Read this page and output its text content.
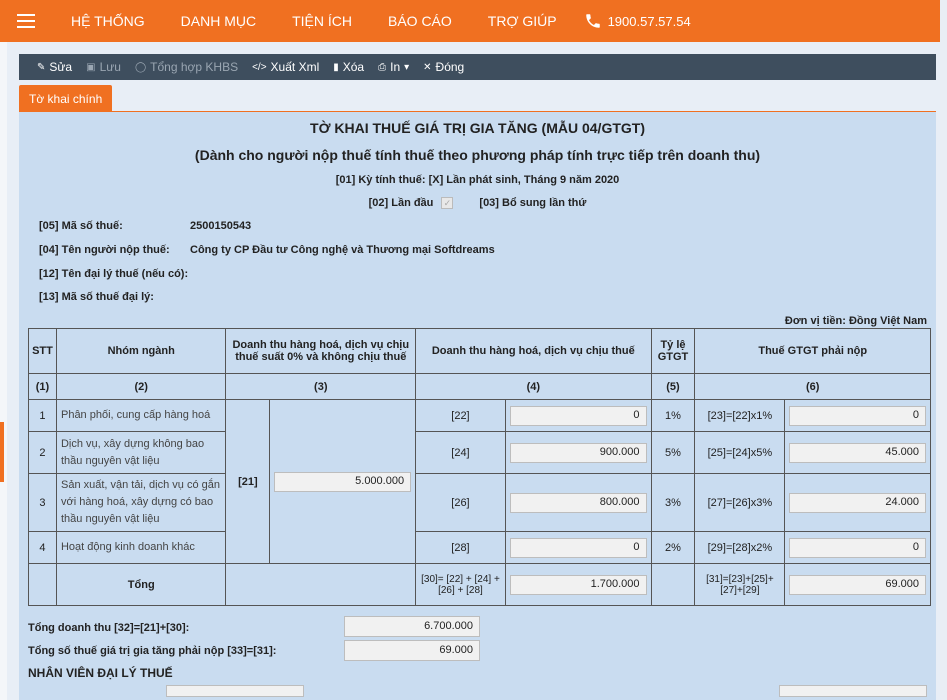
HỆ THỐNG	DANH MỤC	TIỆN ÍCH	BÁO CÁO	TRỢ GIÚP	1900.57.57.54
✎ Sửa ▣ Lưu ◯ Tổng hợp KHBS </> Xuất Xml ▮ Xóa ⎙ In ▾ ✕ Đóng
Tờ khai chính
TỜ KHAI THUẾ GIÁ TRỊ GIA TĂNG (MẪU 04/GTGT)
(Dành cho người nộp thuế tính thuế theo phương pháp tính trực tiếp trên doanh thu)
[01] Kỳ tính thuế: [X] Lần phát sinh, Tháng 9 năm 2020
[02] Lần đầu ✓	[03] Bổ sung lần thứ
[05] Mã số thuế:	2500150543
[04] Tên người nộp thuế:	Công ty CP Đầu tư Công nghệ và Thương mại Softdreams
[12] Tên đại lý thuế (nếu có):
[13] Mã số thuế đại lý:
Đơn vị tiền: Đồng Việt Nam
STT	Nhóm ngành	Doanh thu hàng hoá, dịch vụ chịu thuế suất 0% và không chịu thuế		Doanh thu hàng hoá, dịch vụ chịu thuế		Tỷ lệ GTGT	Thuế GTGT phải nộp	
(1)	(2)	(3)		(4)		(5)	(6)	
1	Phân phối, cung cấp hàng hoá	[21]	5.000.000	[22]	0	1%	[23]=[22]x1%	0

2	Dịch vụ, xây dựng không bao thầu nguyên vật liệu			[24]	900.000	5%	[25]=[24]x5%	45.000

3	Sản xuất, vận tải, dịch vụ có gắn với hàng hoá, xây dựng có bao thầu nguyên vật liệu			[26]	800.000	3%	[27]=[26]x3%	24.000

4	Hoạt động kinh doanh khác			[28]	0	2%	[29]=[28]x2%	0

	Tổng			[30]= [22] + [24] + [26] + [28]	1.700.000		[31]=[23]+[25]+[27]+[29]	69.000
Tổng doanh thu [32]=[21]+[30]:	6.700.000
Tổng số thuế giá trị gia tăng phải nộp [33]=[31]:	69.000
NHÂN VIÊN ĐẠI LÝ THUẾ
